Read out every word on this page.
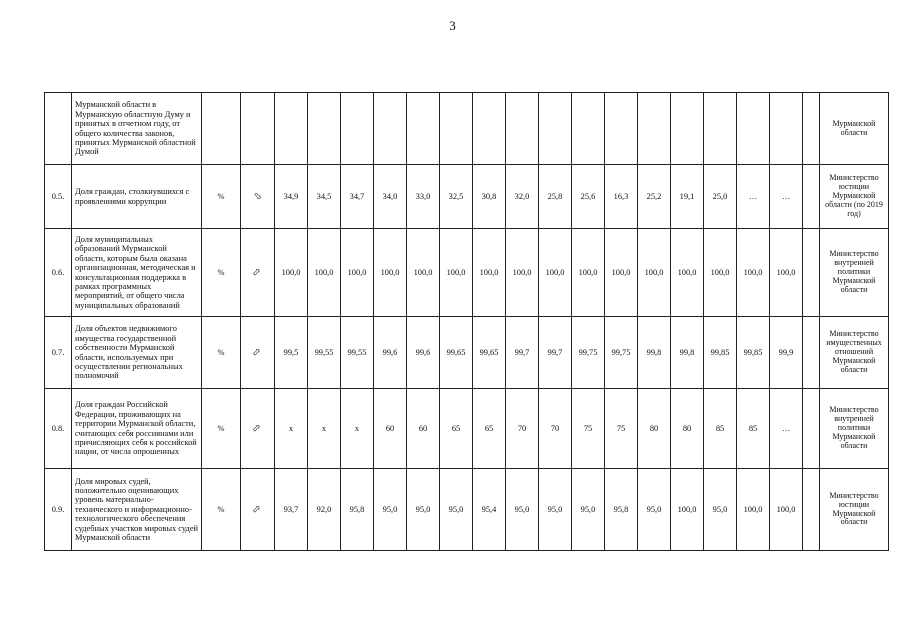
3
	Мурманской области в Мурманскую областную Думу и принятых в отчетном году, от общего количества законов, принятых Мурманской областной Думой																				Мурманской области
0.5.	Доля граждан, столкнувшихся с проявлениями коррупции	%	⇨	34,9	34,5	34,7	34,0	33,0	32,5	30,8	32,0	25,8	25,6	16,3	25,2	19,1	25,0	…	…		Министерство юстиции Мурманской области (по 2019 год)
0.6.	Доля муниципальных образований Мурманской области, которым была оказана организационная, методическая и консультационная поддержка в рамках программных мероприятий, от общего числа муниципальных образований	%	⇨	100,0	100,0	100,0	100,0	100,0	100,0	100,0	100,0	100,0	100,0	100,0	100,0	100,0	100,0	100,0	100,0		Министерство внутренней политики Мурманской области
0.7.	Доля объектов недвижимого имущества государственной собственности Мурманской области, используемых при осуществлении региональных полномочий	%	⇨	99,5	99,55	99,55	99,6	99,6	99,65	99,65	99,7	99,7	99,75	99,75	99,8	99,8	99,85	99,85	99,9		Министерство имущественных отношений Мурманской области
0.8.	Доля граждан Российской Федерации, проживающих на территории Мурманской области, считающих себя россиянами или причисляющих себя к российской нации, от числа опрошенных	%	⇨	x	x	x	60	60	65	65	70	70	75	75	80	80	85	85	…		Министерство внутренней политики Мурманской области
0.9.	Доля мировых судей, положительно оценивающих уровень материально-технического и информационно-технологического обеспечения судебных участков мировых судей Мурманской области	%	⇨	93,7	92,0	95,8	95,0	95,0	95,0	95,4	95,0	95,0	95,0	95,8	95,0	100,0	95,0	100,0	100,0		Министерство юстиции Мурманской области
